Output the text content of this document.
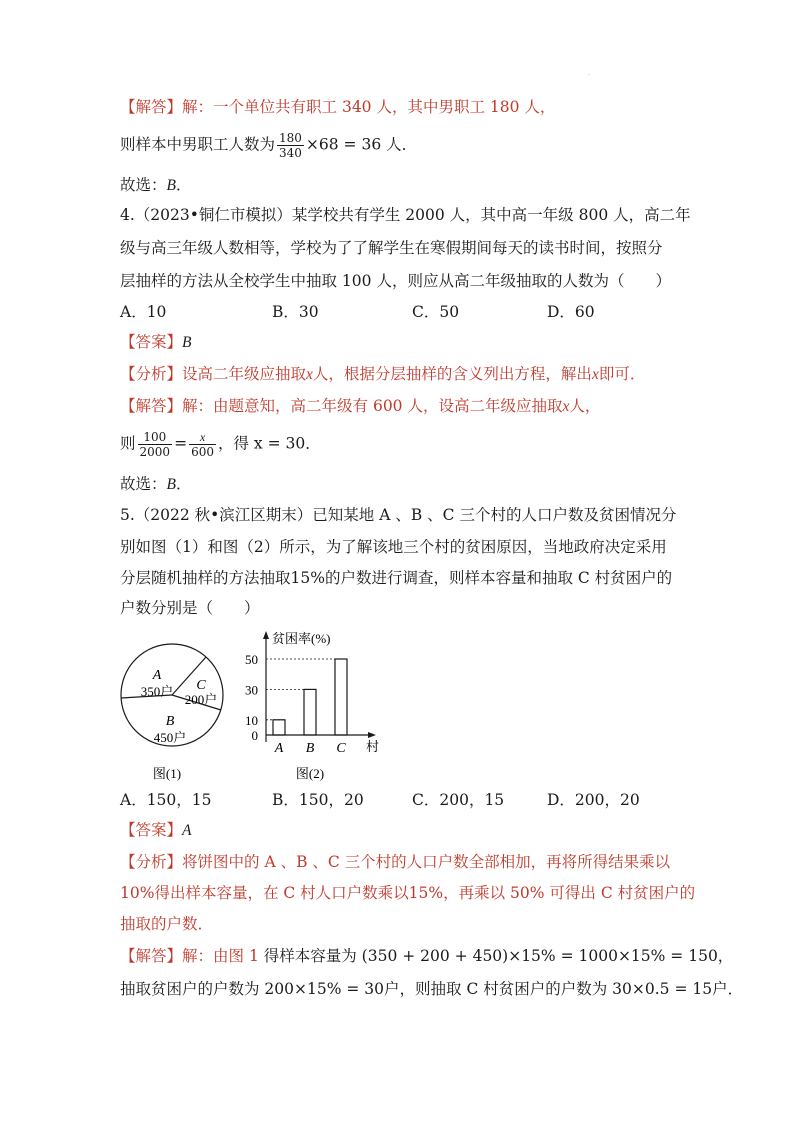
·
【解答】解：一个单位共有职工 340 人，其中男职工 180 人，
则样本中男职工人数为 $\frac{180}{340} \times 68 = 36$ 人．
故选：B．
4.（2023•铜仁市模拟）某学校共有学生 2000 人，其中高一年级 800 人，高二年
级与高三年级人数相等，学校为了了解学生在寒假期间每天的读书时间，按照分
层抽样的方法从全校学生中抽取 100 人，则应从高二年级抽取的人数为（　　）
A．10	B．30	C．50	D．60
【答案】B
【分析】设高二年级应抽取x人，根据分层抽样的含义列出方程，解出x即可．
【解答】解：由题意知，高二年级有 600 人，设高二年级应抽取x人，
则 $\frac{100}{2000} = \frac{x}{600}$ ，得 x = 30．
故选：B．
5.（2022 秋•滨江区期末）已知某地 A 、B 、C 三个村的人口户数及贫困情况分
别如图（1）和图（2）所示，为了解该地三个村的贫困原因，当地政府决定采用
分层随机抽样的方法抽取15%的户数进行调查，则样本容量和抽取 C 村贫困户的
户数分别是（　　）
A
350户 C
200户
B
450户
图(1)
贫困率(%)
村
0
10
A
30
B
50
C
图(2)
A．150，15	B．150，20	C．200，15	D．200，20
【答案】A
【分析】将饼图中的 A 、B 、C 三个村的人口户数全部相加，再将所得结果乘以
10%得出样本容量，在 C 村人口户数乘以15%，再乘以 50% 可得出 C 村贫困户的
抽取的户数．
【解答】解：由图 1 得样本容量为 (350 + 200 + 450)×15% = 1000×15% = 150，
抽取贫困户的户数为 200×15% = 30户，则抽取 C 村贫困户的户数为 30×0.5 = 15户．
